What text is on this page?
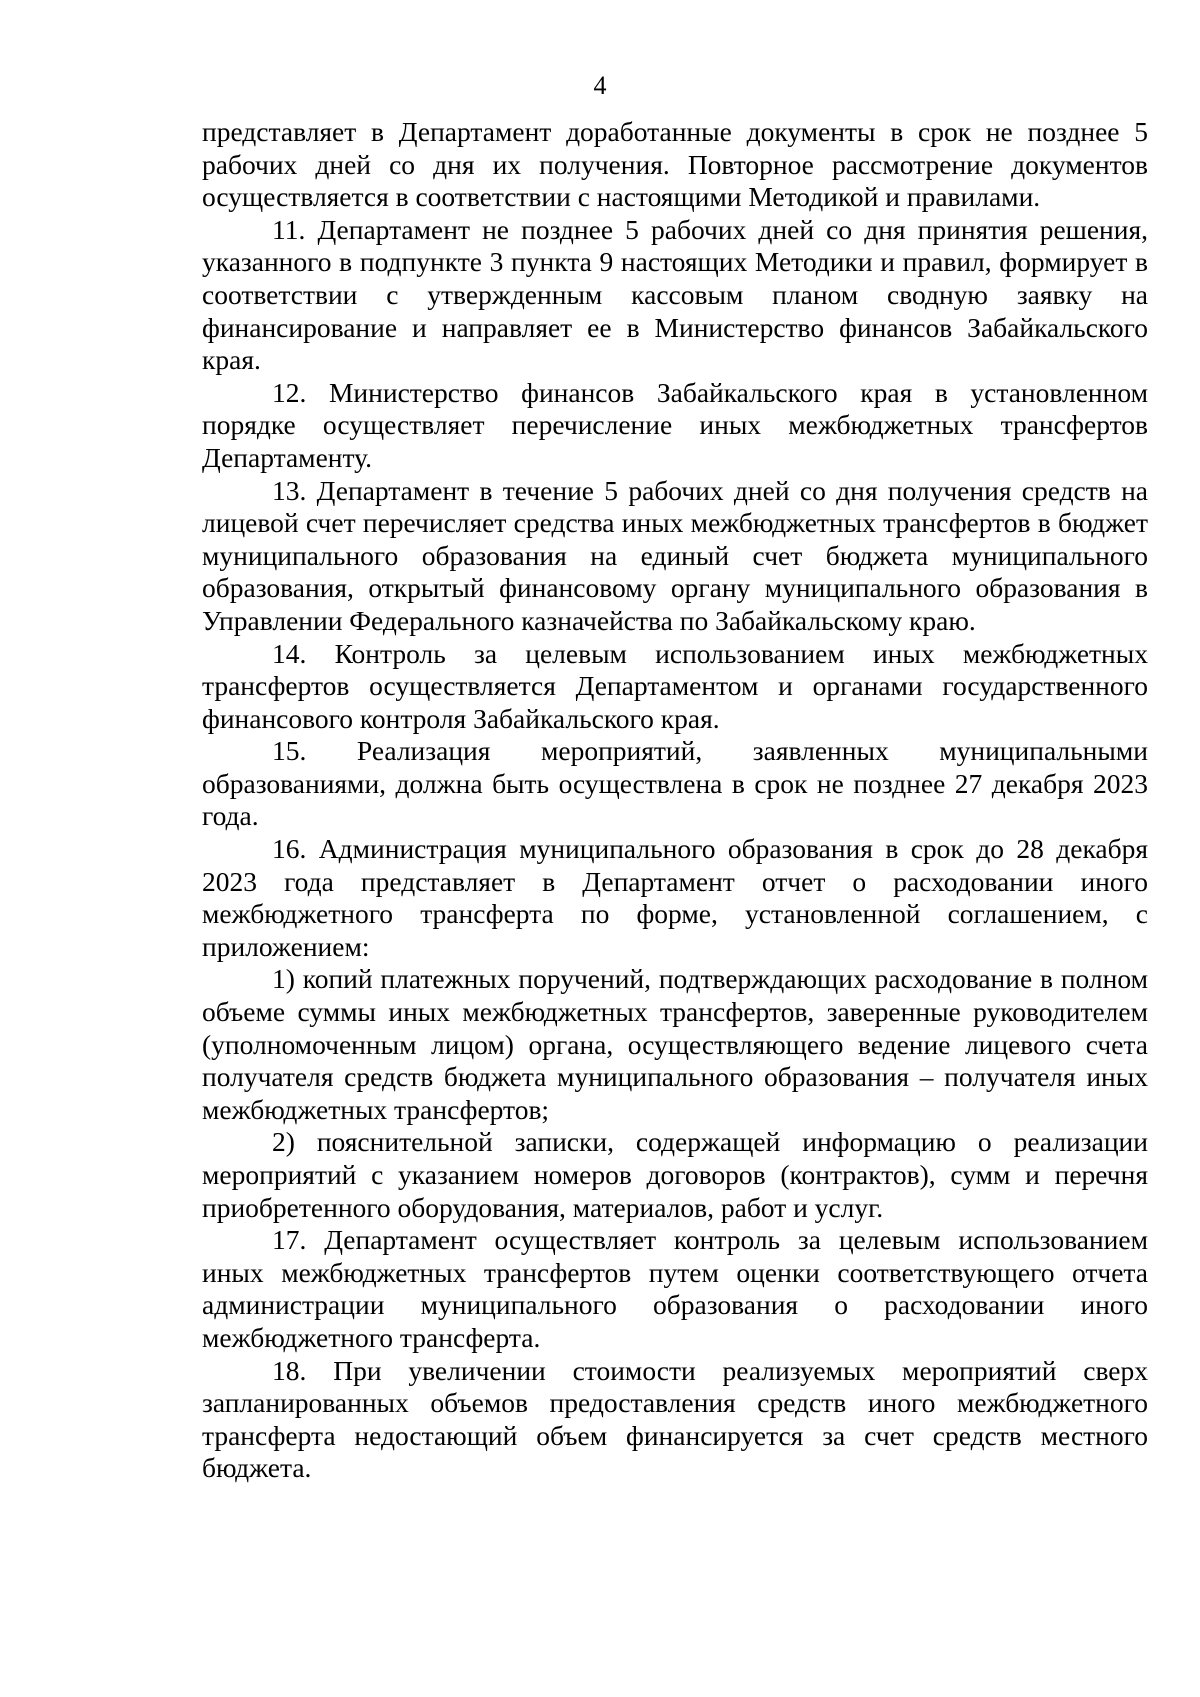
4

представляет в Департамент доработанные документы в срок не позднее 5 рабочих дней со дня их получения. Повторное рассмотрение документов осуществляется в соответствии с настоящими Методикой и правилами.

11. Департамент не позднее 5 рабочих дней со дня принятия решения, указанного в подпункте 3 пункта 9 настоящих Методики и правил, формирует в соответствии с утвержденным кассовым планом сводную заявку на финансирование и направляет ее в Министерство финансов Забайкальского края.

12. Министерство финансов Забайкальского края в установленном порядке осуществляет перечисление иных межбюджетных трансфертов Департаменту.

13. Департамент в течение 5 рабочих дней со дня получения средств на лицевой счет перечисляет средства иных межбюджетных трансфертов в бюджет муниципального образования на единый счет бюджета муниципального образования, открытый финансовому органу муниципального образования в Управлении Федерального казначейства по Забайкальскому краю.

14. Контроль за целевым использованием иных межбюджетных трансфертов осуществляется Департаментом и органами государственного финансового контроля Забайкальского края.

15. Реализация мероприятий, заявленных муниципальными образованиями, должна быть осуществлена в срок не позднее 27 декабря 2023 года.

16. Администрация муниципального образования в срок до 28 декабря 2023 года представляет в Департамент отчет о расходовании иного межбюджетного трансферта по форме, установленной соглашением, с приложением:

1) копий платежных поручений, подтверждающих расходование в полном объеме суммы иных межбюджетных трансфертов, заверенные руководителем (уполномоченным лицом) органа, осуществляющего ведение лицевого счета получателя средств бюджета муниципального образования – получателя иных межбюджетных трансфертов;

2) пояснительной записки, содержащей информацию о реализации мероприятий с указанием номеров договоров (контрактов), сумм и перечня приобретенного оборудования, материалов, работ и услуг.

17. Департамент осуществляет контроль за целевым использованием иных межбюджетных трансфертов путем оценки соответствующего отчета администрации муниципального образования о расходовании иного межбюджетного трансферта.

18. При увеличении стоимости реализуемых мероприятий сверх запланированных объемов предоставления средств иного межбюджетного трансферта недостающий объем финансируется за счет средств местного бюджета.
